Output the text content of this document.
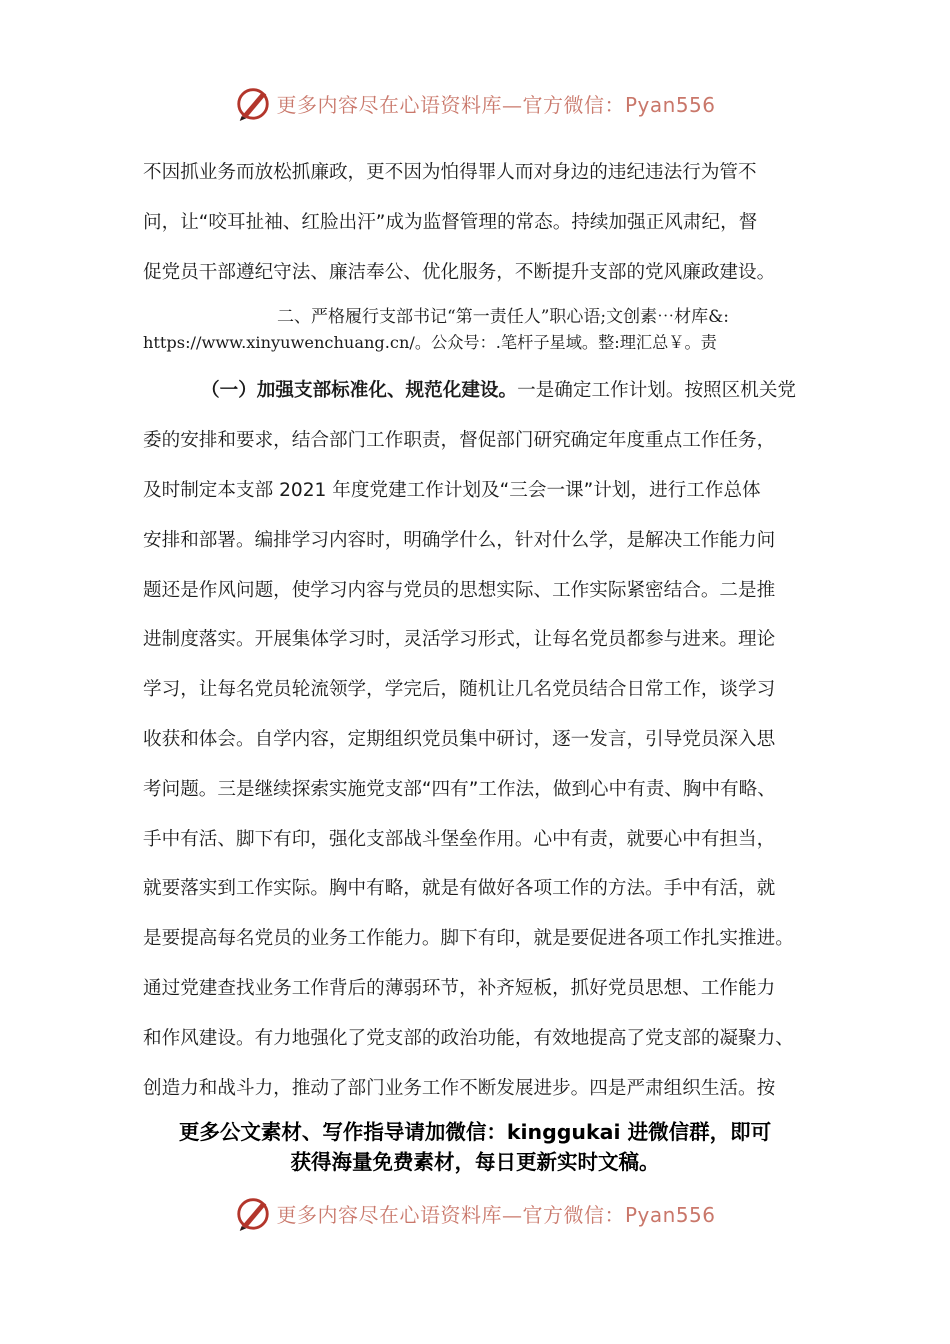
更多内容尽在心语资料库—官方微信：Pyan556

不因抓业务而放松抓廉政，更不因为怕得罪人而对身边的违纪违法行为管不
问，让“咬耳扯袖、红脸出汗”成为监督管理的常态。持续加强正风肃纪，督
促党员干部遵纪守法、廉洁奉公、优化服务，不断提升支部的党风廉政建设。

二、严格履行支部书记“第一责任人”职心语;文创素⋯材库&:
https://www.xinyuwenchuang.cn/。公众号：.笔杆子星域。整:理汇总￥。责

（一）加强支部标准化、规范化建设。一是确定工作计划。按照区机关党
委的安排和要求，结合部门工作职责，督促部门研究确定年度重点工作任务，
及时制定本支部 2021 年度党建工作计划及“三会一课”计划，进行工作总体
安排和部署。编排学习内容时，明确学什么，针对什么学，是解决工作能力问
题还是作风问题，使学习内容与党员的思想实际、工作实际紧密结合。二是推
进制度落实。开展集体学习时，灵活学习形式，让每名党员都参与进来。理论
学习，让每名党员轮流领学，学完后，随机让几名党员结合日常工作，谈学习
收获和体会。自学内容，定期组织党员集中研讨，逐一发言，引导党员深入思
考问题。三是继续探索实施党支部“四有”工作法，做到心中有责、胸中有略、
手中有活、脚下有印，强化支部战斗堡垒作用。心中有责，就要心中有担当，
就要落实到工作实际。胸中有略，就是有做好各项工作的方法。手中有活，就
是要提高每名党员的业务工作能力。脚下有印，就是要促进各项工作扎实推进。
通过党建查找业务工作背后的薄弱环节，补齐短板，抓好党员思想、工作能力
和作风建设。有力地强化了党支部的政治功能，有效地提高了党支部的凝聚力、
创造力和战斗力，推动了部门业务工作不断发展进步。四是严肃组织生活。按

更多公文素材、写作指导请加微信：kinggukai 进微信群，即可
获得海量免费素材，每日更新实时文稿。
更多内容尽在心语资料库—官方微信：Pyan556
